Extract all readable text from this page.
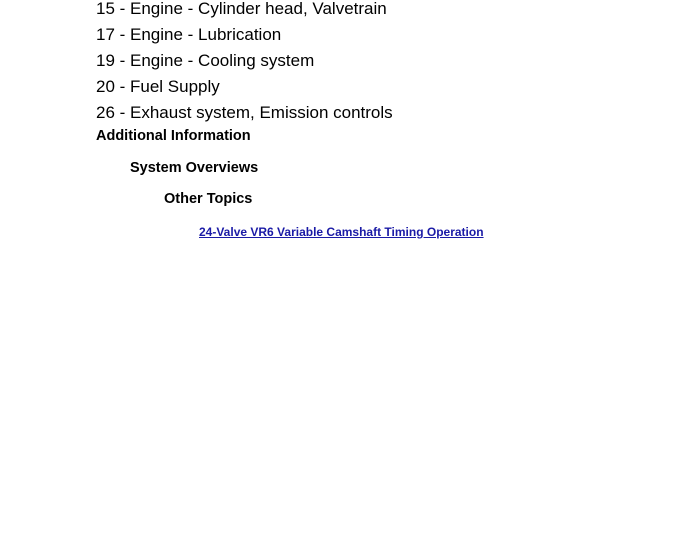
15 - Engine - Cylinder head, Valvetrain
17 - Engine - Lubrication
19 - Engine - Cooling system
20 - Fuel Supply
26 - Exhaust system, Emission controls
Additional Information
System Overviews
Other Topics
24-Valve VR6 Variable Camshaft Timing Operation
